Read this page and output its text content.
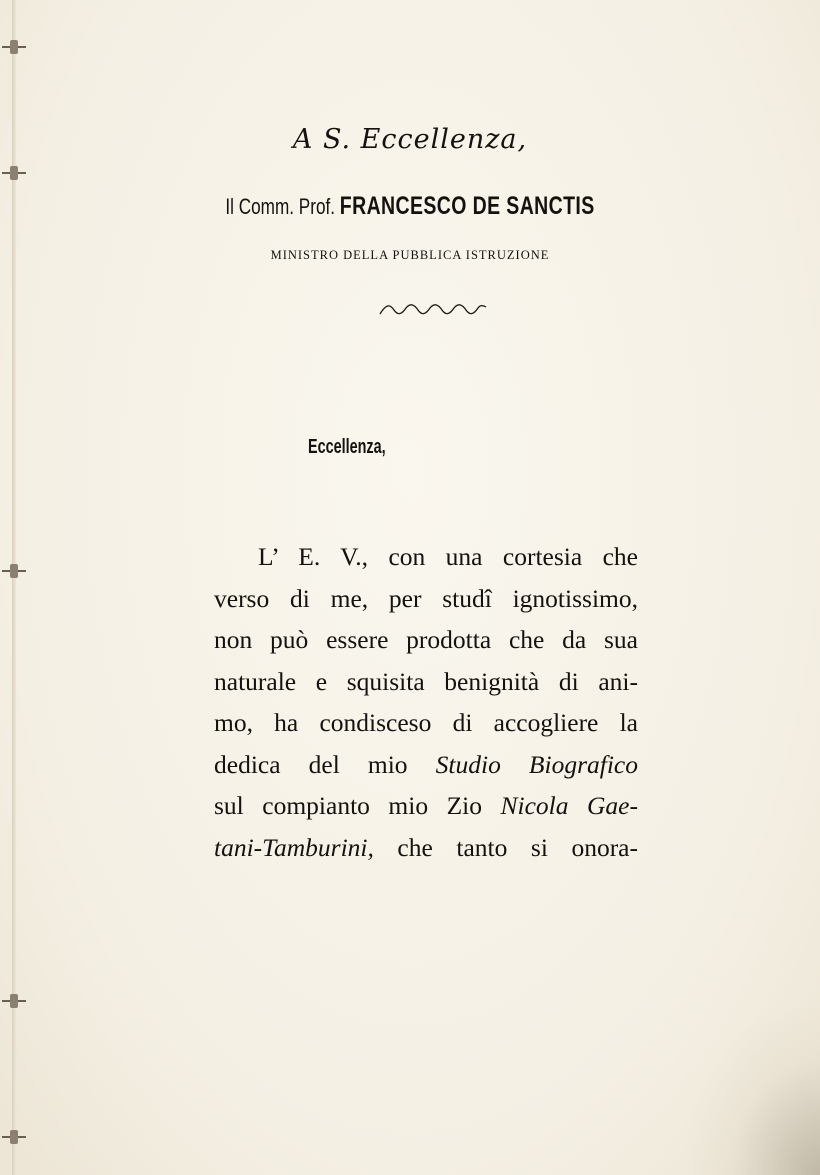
A S. Eccellenza,
Il Comm. Prof. FRANCESCO DE SANCTIS
MINISTRO DELLA PUBBLICA ISTRUZIONE
Eccellenza,
L’ E. V., con una cortesia che
verso di me, per studî ignotissimo,
non può essere prodotta che da sua
naturale e squisita benignità di ani-
mo, ha condisceso di accogliere la
dedica del mio Studio Biografico
sul compianto mio Zio Nicola Gae-
tani-Tamburini, che tanto si onora-
